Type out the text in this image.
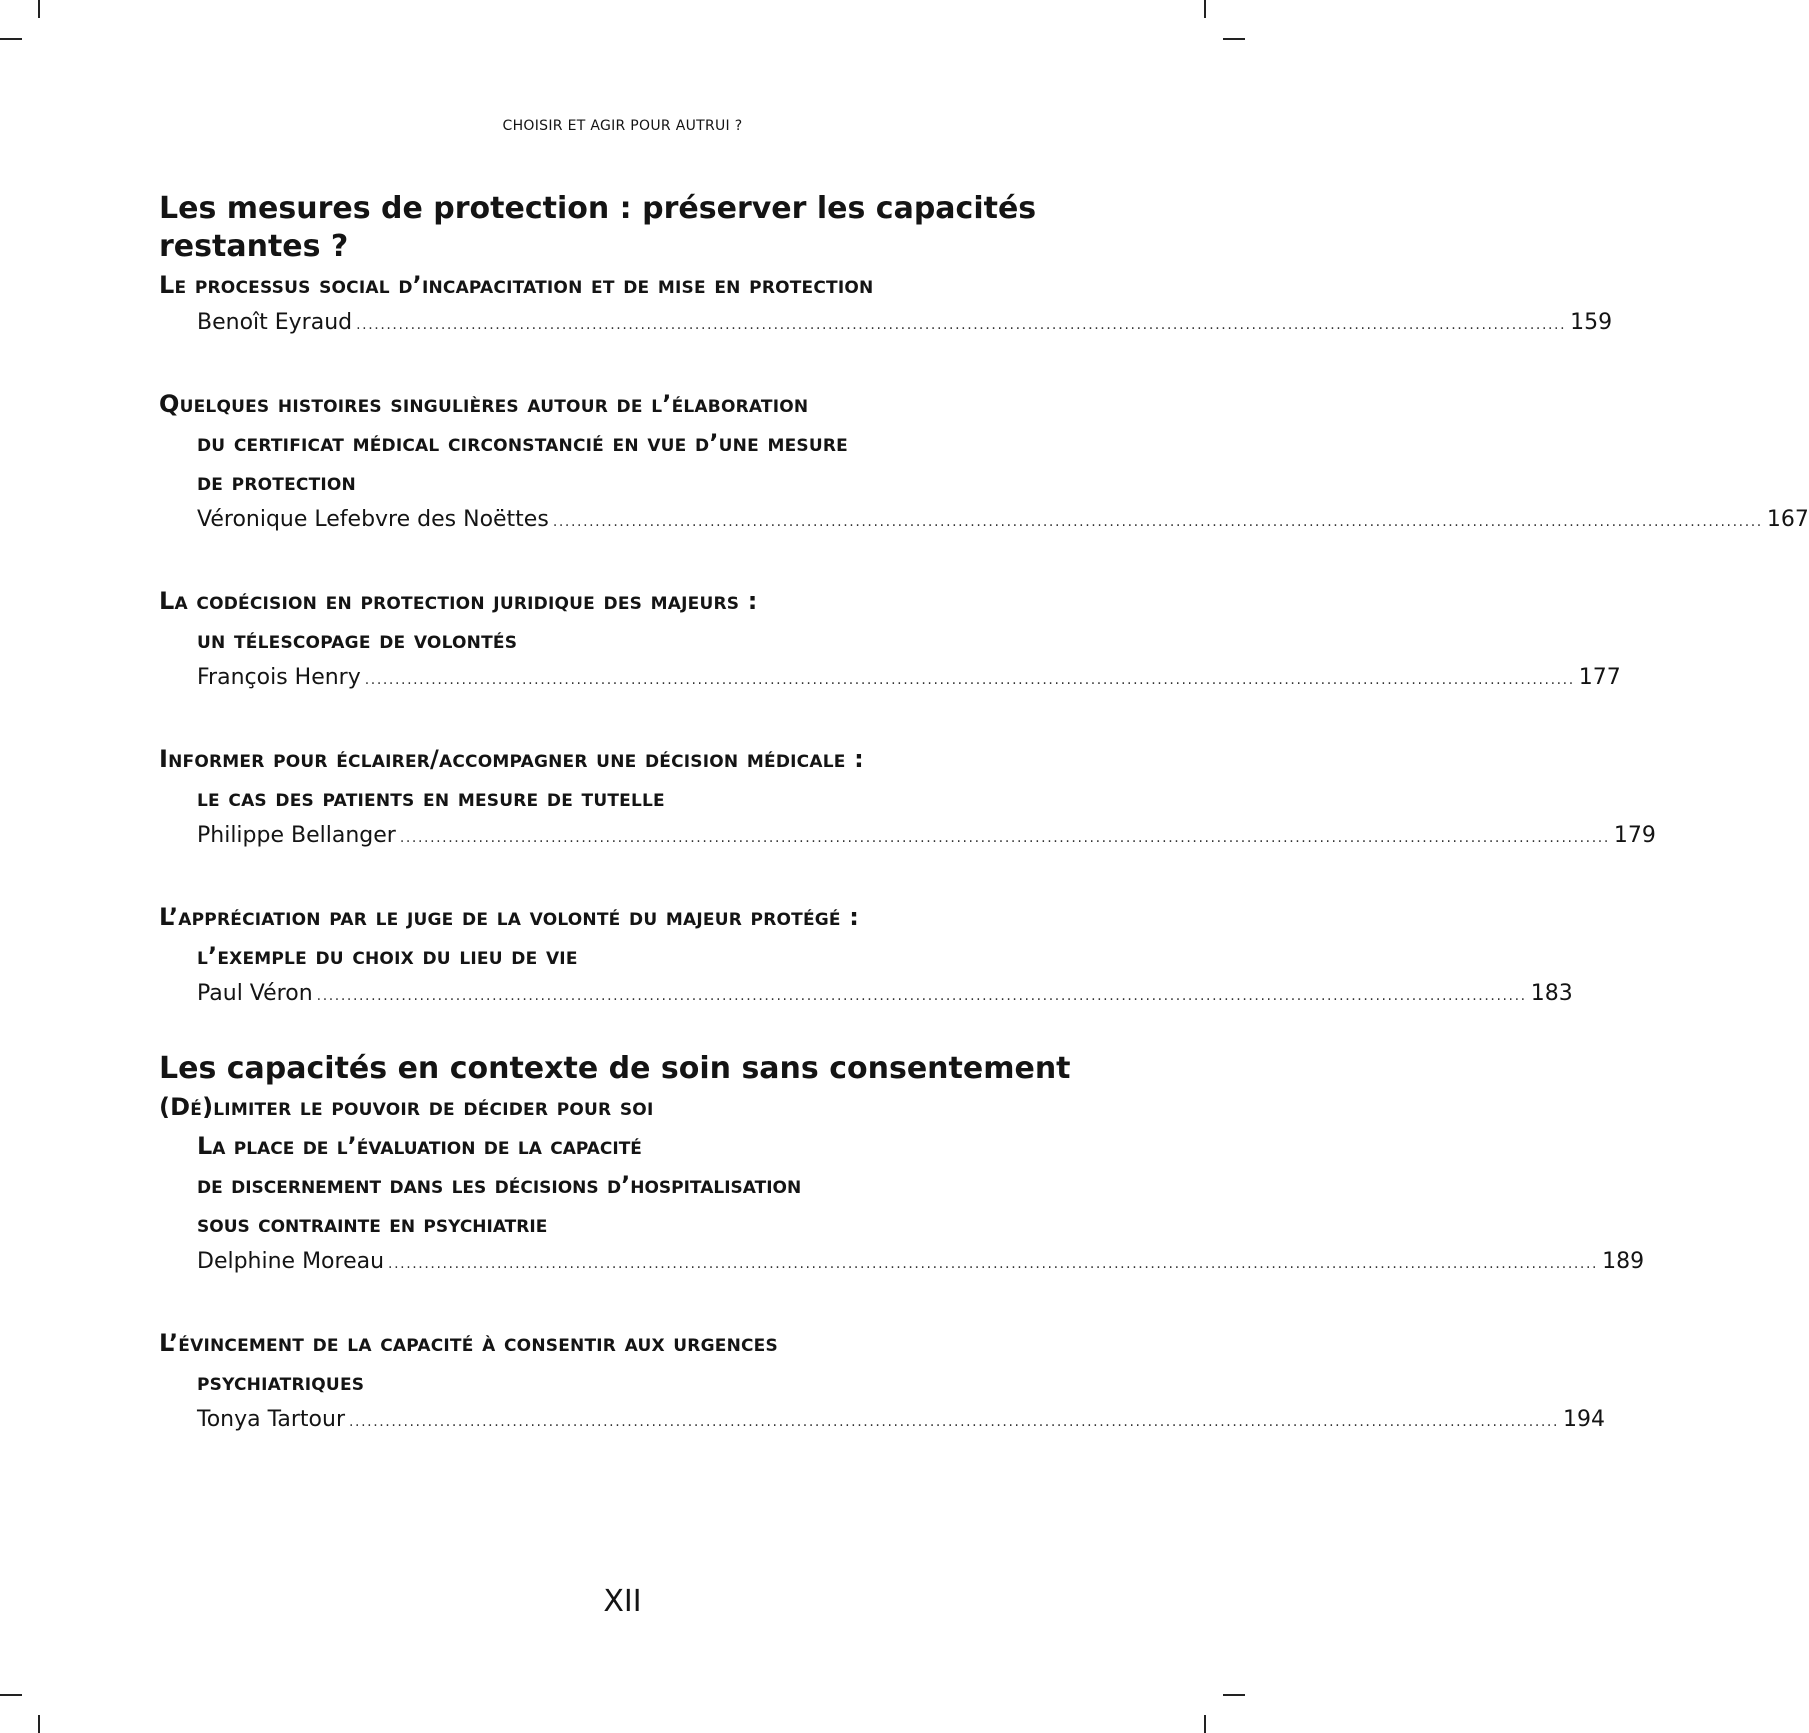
CHOISIR ET AGIR POUR AUTRUI ?
Les mesures de protection : préserver les capacités
restantes ?
Le processus social d’incapacitation et de mise en protection
Benoît Eyraud ........................................................................................................................................................................................................ 159
Quelques histoires singulières autour de l’élaboration
du certificat médical circonstancié en vue d’une mesure
de protection
Véronique Lefebvre des Noëttes ........................................................................................................................................................................................................ 167
La codécision en protection juridique des majeurs :
un télescopage de volontés
François Henry ........................................................................................................................................................................................................ 177
Informer pour éclairer/accompagner une décision médicale :
le cas des patients en mesure de tutelle
Philippe Bellanger ........................................................................................................................................................................................................ 179
L’appréciation par le juge de la volonté du majeur protégé :
l’exemple du choix du lieu de vie
Paul Véron ........................................................................................................................................................................................................ 183
Les capacités en contexte de soin sans consentement
(Dé)limiter le pouvoir de décider pour soi
La place de l’évaluation de la capacité
de discernement dans les décisions d’hospitalisation
sous contrainte en psychiatrie
Delphine Moreau ........................................................................................................................................................................................................ 189
L’évincement de la capacité à consentir aux urgences
psychiatriques
Tonya Tartour ........................................................................................................................................................................................................ 194
XII
